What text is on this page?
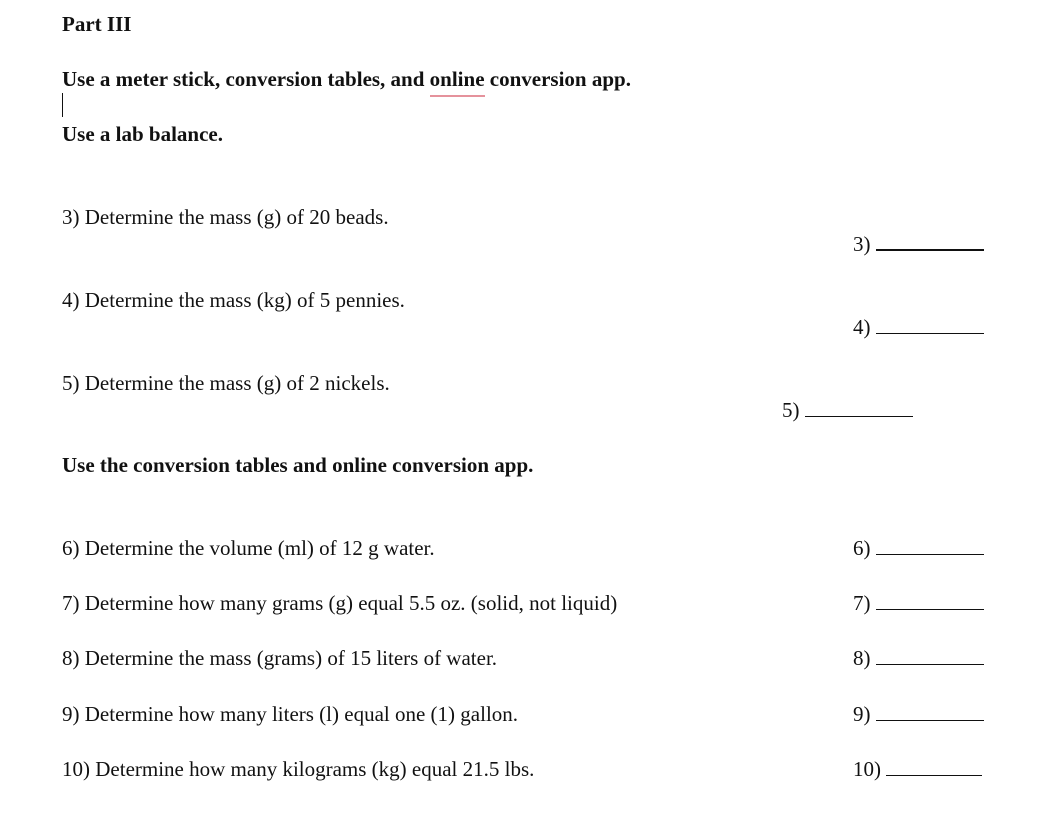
Part III
Use a meter stick, conversion tables, and online conversion app.
Use a lab balance.
3) Determine the mass (g) of 20 beads.
3)
4) Determine the mass (kg) of 5 pennies.
4)
5) Determine the mass (g) of 2 nickels.
5)
Use the conversion tables and online conversion app.
6) Determine the volume (ml) of 12 g water.	6)
7) Determine how many grams (g) equal 5.5 oz. (solid, not liquid)	7)
8) Determine the mass (grams) of 15 liters of water.	8)
9) Determine how many liters (l) equal one (1) gallon.	9)
10) Determine how many kilograms (kg) equal 21.5 lbs.	10)
